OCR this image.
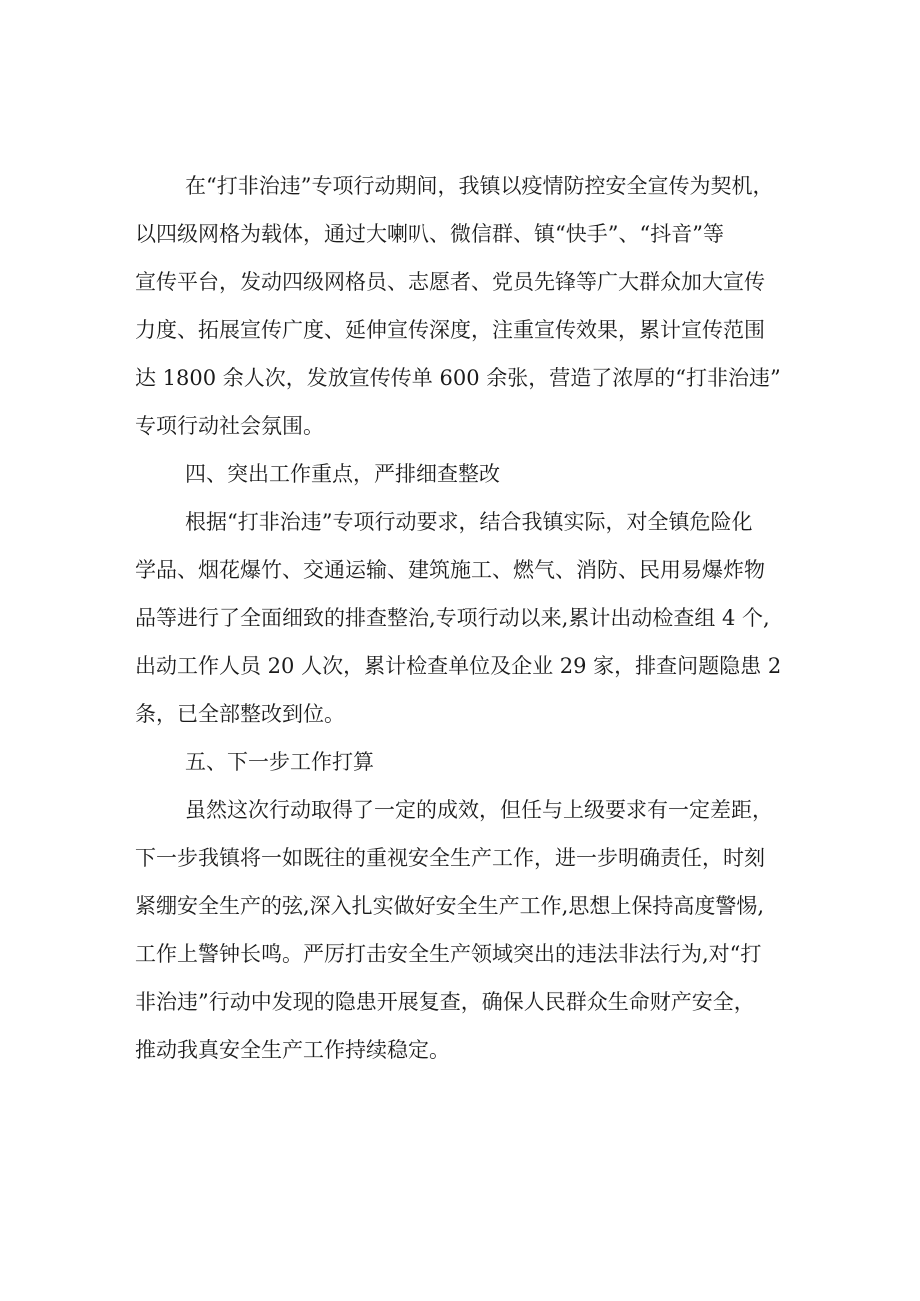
在“打非治违”专项行动期间，我镇以疫情防控安全宣传为契机，
以四级网格为载体，通过大喇叭、微信群、镇“快手”、“抖音”等
宣传平台，发动四级网格员、志愿者、党员先锋等广大群众加大宣传
力度、拓展宣传广度、延伸宣传深度，注重宣传效果，累计宣传范围
达 1800 余人次，发放宣传传单 600 余张，营造了浓厚的“打非治违”
专项行动社会氛围。
四、突出工作重点，严排细查整改
根据“打非治违”专项行动要求，结合我镇实际，对全镇危险化
学品、烟花爆竹、交通运输、建筑施工、燃气、消防、民用易爆炸物
品等进行了全面细致的排查整治,专项行动以来,累计出动检查组 4 个,
出动工作人员 20 人次，累计检查单位及企业 29 家，排查问题隐患 2
条，已全部整改到位。
五、下一步工作打算
虽然这次行动取得了一定的成效，但任与上级要求有一定差距，
下一步我镇将一如既往的重视安全生产工作，进一步明确责任，时刻
紧绷安全生产的弦,深入扎实做好安全生产工作,思想上保持高度警惕,
工作上警钟长鸣。严厉打击安全生产领域突出的违法非法行为,对“打
非治违”行动中发现的隐患开展复查，确保人民群众生命财产安全，
推动我真安全生产工作持续稳定。
